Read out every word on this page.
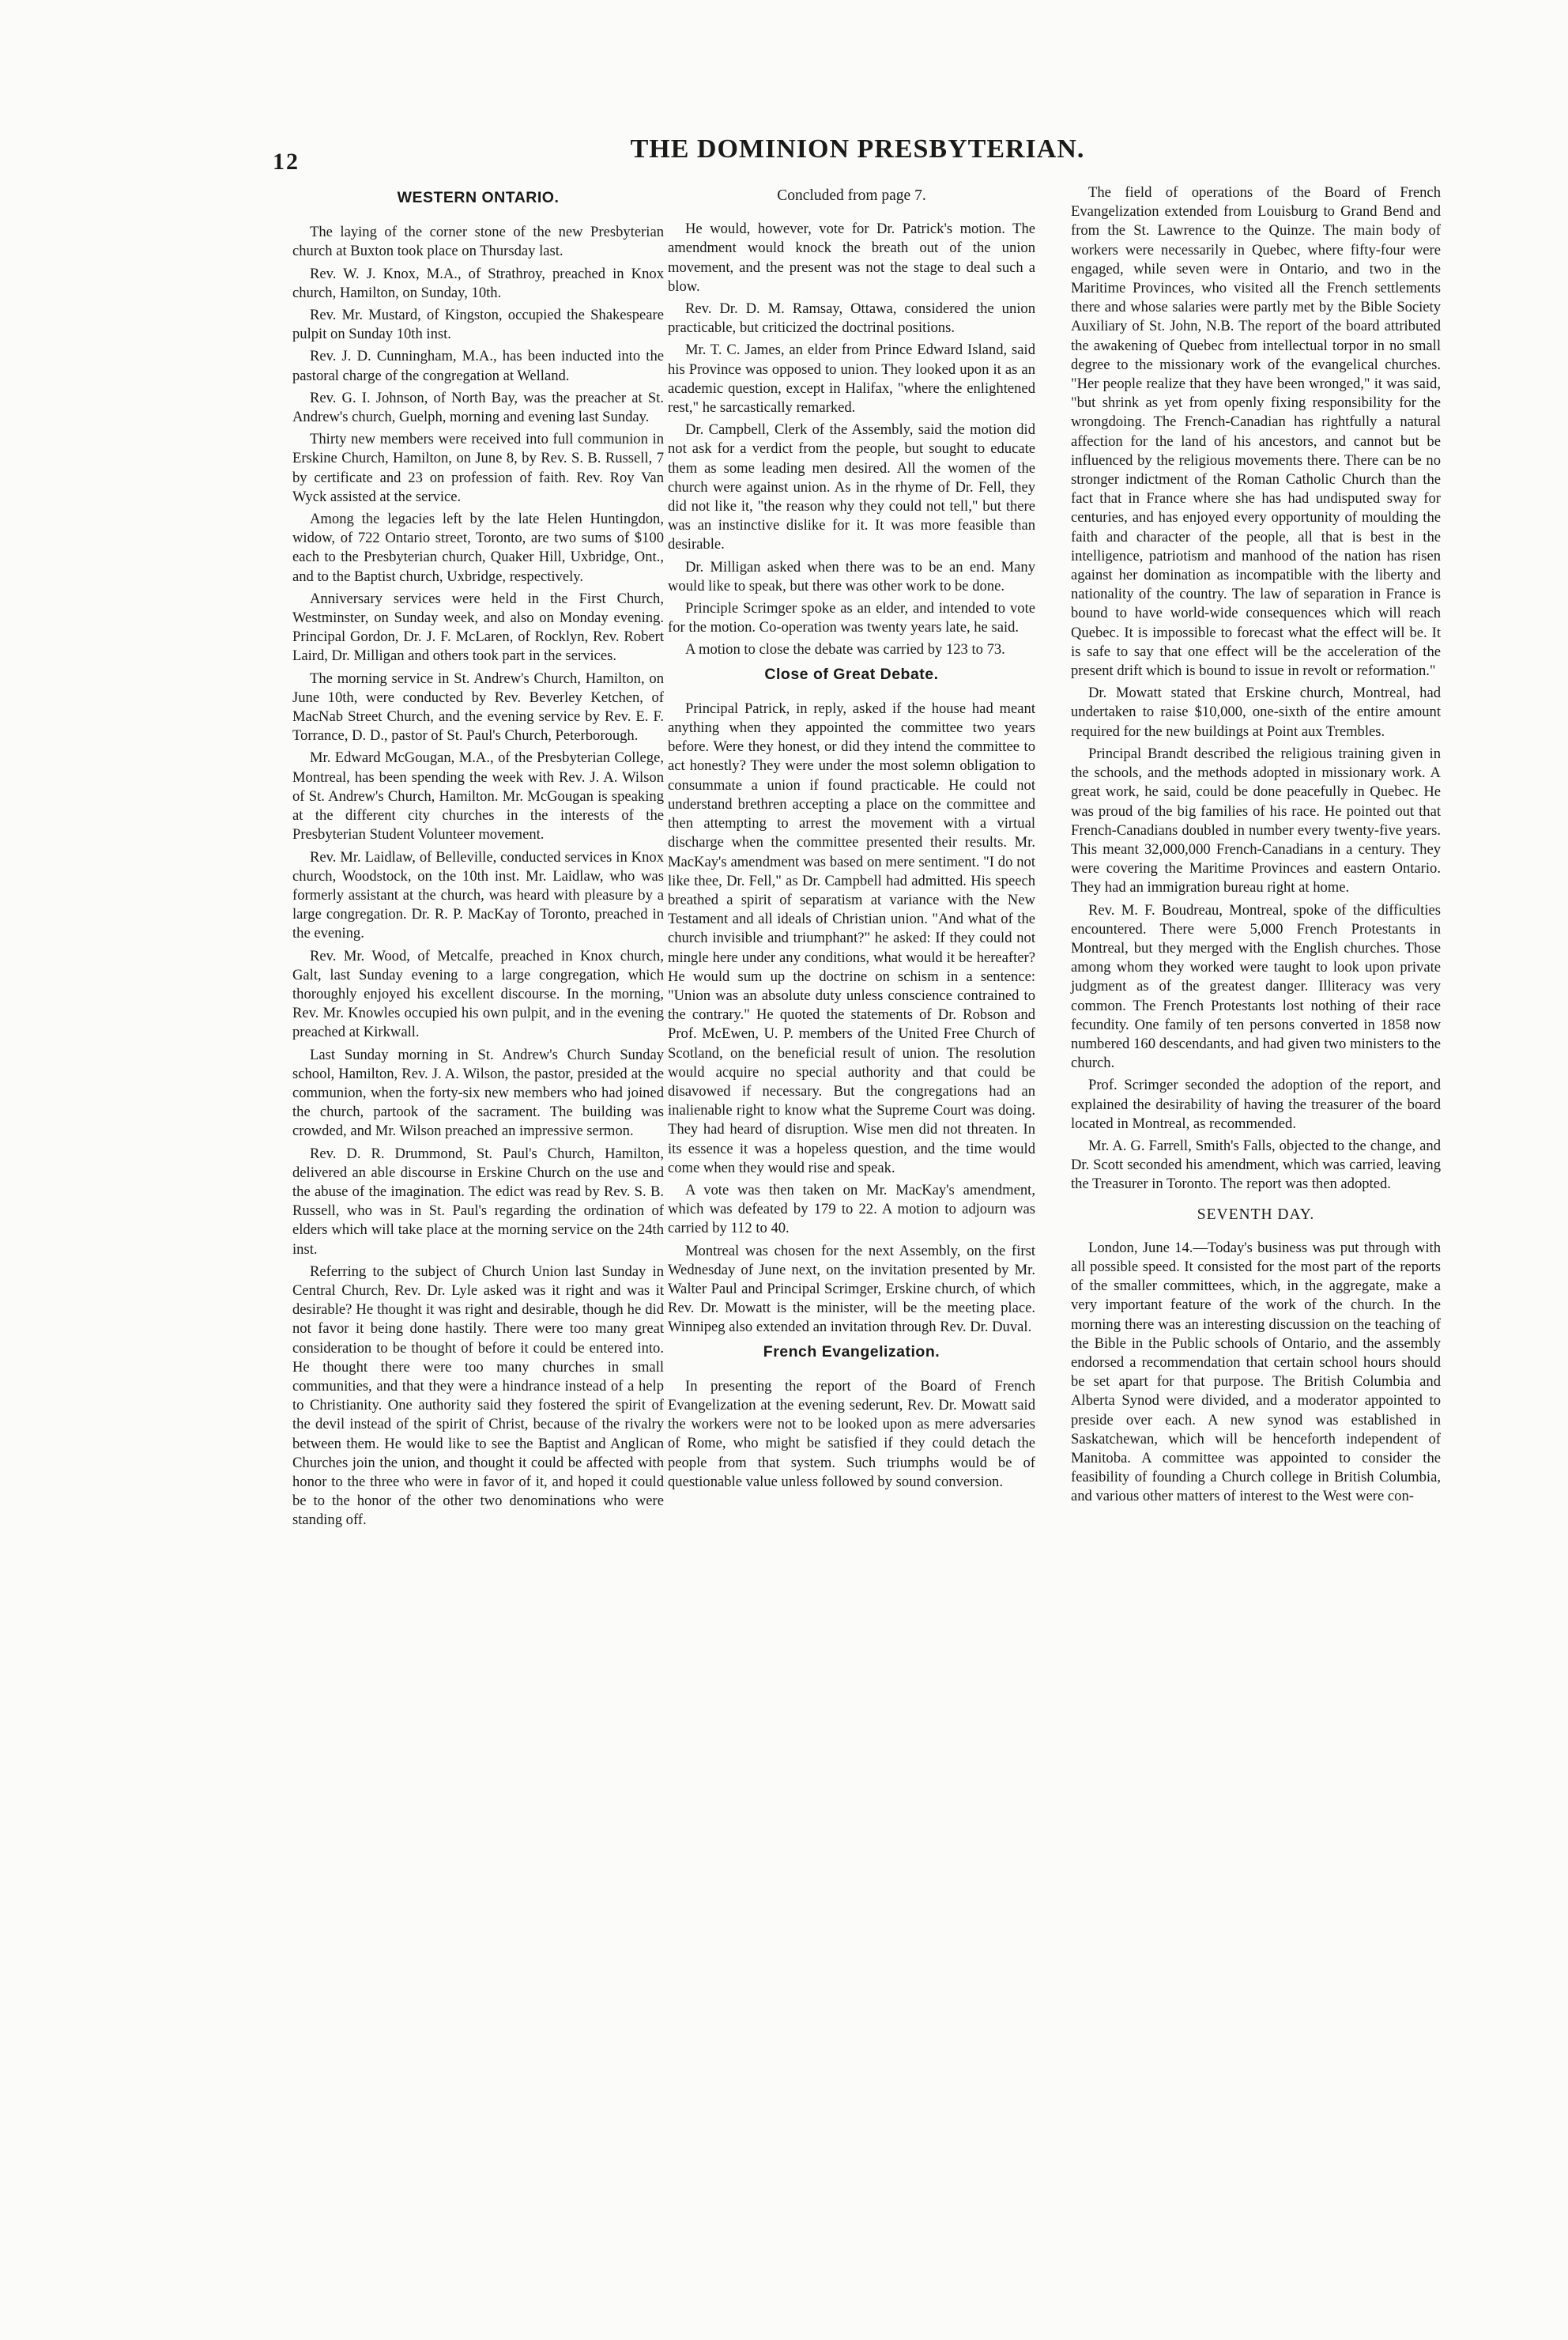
12	THE DOMINION PRESBYTERIAN.
WESTERN ONTARIO.

The laying of the corner stone of the new Presbyterian church at Buxton took place on Thursday last.

Rev. W. J. Knox, M.A., of Strathroy, preached in Knox church, Hamilton, on Sunday, 10th.

Rev. Mr. Mustard, of Kingston, occupied the Shakespeare pulpit on Sunday 10th inst.

Rev. J. D. Cunningham, M.A., has been inducted into the pastoral charge of the congregation at Welland.

Rev. G. I. Johnson, of North Bay, was the preacher at St. Andrew's church, Guelph, morning and evening last Sunday.

Thirty new members were received into full communion in Erskine Church, Hamilton, on June 8, by Rev. S. B. Russell, 7 by certificate and 23 on profession of faith. Rev. Roy Van Wyck assisted at the service.

Among the legacies left by the late Helen Huntingdon, widow, of 722 Ontario street, Toronto, are two sums of $100 each to the Presbyterian church, Quaker Hill, Uxbridge, Ont., and to the Baptist church, Uxbridge, respectively.

Anniversary services were held in the First Church, Westminster, on Sunday week, and also on Monday evening. Principal Gordon, Dr. J. F. McLaren, of Rocklyn, Rev. Robert Laird, Dr. Milligan and others took part in the services.

The morning service in St. Andrew's Church, Hamilton, on June 10th, were conducted by Rev. Beverley Ketchen, of MacNab Street Church, and the evening service by Rev. E. F. Torrance, D. D., pastor of St. Paul's Church, Peterborough.

Mr. Edward McGougan, M.A., of the Presbyterian College, Montreal, has been spending the week with Rev. J. A. Wilson of St. Andrew's Church, Hamilton. Mr. McGougan is speaking at the different city churches in the interests of the Presbyterian Student Volunteer movement.

Rev. Mr. Laidlaw, of Belleville, conducted services in Knox church, Woodstock, on the 10th inst. Mr. Laidlaw, who was formerly assistant at the church, was heard with pleasure by a large congregation. Dr. R. P. MacKay of Toronto, preached in the evening.

Rev. Mr. Wood, of Metcalfe, preached in Knox church, Galt, last Sunday evening to a large congregation, which thoroughly enjoyed his excellent discourse. In the morning, Rev. Mr. Knowles occupied his own pulpit, and in the evening preached at Kirkwall.

Last Sunday morning in St. Andrew's Church Sunday school, Hamilton, Rev. J. A. Wilson, the pastor, presided at the communion, when the forty-six new members who had joined the church, partook of the sacrament. The building was crowded, and Mr. Wilson preached an impressive sermon.

Rev. D. R. Drummond, St. Paul's Church, Hamilton, delivered an able discourse in Erskine Church on the use and the abuse of the imagination. The edict was read by Rev. S. B. Russell, who was in St. Paul's regarding the ordination of elders which will take place at the morning service on the 24th inst.

Referring to the subject of Church Union last Sunday in Central Church, Rev. Dr. Lyle asked was it right and was it desirable? He thought it was right and desirable, though he did not favor it being done hastily. There were too many great consideration to be thought of before it could be entered into. He thought there were too many churches in small communities, and that they were a hindrance instead of a help to Christianity. One authority said they fostered the spirit of the devil instead of the spirit of Christ, because of the rivalry between them. He would like to see the Baptist and Anglican Churches join the union, and thought it could be affected with honor to the three who were in favor of it, and hoped it could be to the honor of the other two denominations who were standing off.

Concluded from page 7.

He would, however, vote for Dr. Patrick's motion. The amendment would knock the breath out of the union movement, and the present was not the stage to deal such a blow.

Rev. Dr. D. M. Ramsay, Ottawa, considered the union practicable, but criticized the doctrinal positions.

Mr. T. C. James, an elder from Prince Edward Island, said his Province was opposed to union. They looked upon it as an academic question, except in Halifax, "where the enlightened rest," he sarcastically remarked.

Dr. Campbell, Clerk of the Assembly, said the motion did not ask for a verdict from the people, but sought to educate them as some leading men desired. All the women of the church were against union. As in the rhyme of Dr. Fell, they did not like it, "the reason why they could not tell," but there was an instinctive dislike for it. It was more feasible than desirable.

Dr. Milligan asked when there was to be an end. Many would like to speak, but there was other work to be done.

Principle Scrimger spoke as an elder, and intended to vote for the motion. Co-operation was twenty years late, he said.

A motion to close the debate was carried by 123 to 73.

Close of Great Debate.

Principal Patrick, in reply, asked if the house had meant anything when they appointed the committee two years before. Were they honest, or did they intend the committee to act honestly? They were under the most solemn obligation to consummate a union if found practicable. He could not understand brethren accepting a place on the committee and then attempting to arrest the movement with a virtual discharge when the committee presented their results. Mr. MacKay's amendment was based on mere sentiment. "I do not like thee, Dr. Fell," as Dr. Campbell had admitted. His speech breathed a spirit of separatism at variance with the New Testament and all ideals of Christian union. "And what of the church invisible and triumphant?" he asked: If they could not mingle here under any conditions, what would it be hereafter? He would sum up the doctrine on schism in a sentence: "Union was an absolute duty unless conscience contrained to the contrary." He quoted the statements of Dr. Robson and Prof. McEwen, U. P. members of the United Free Church of Scotland, on the beneficial result of union. The resolution would acquire no special authority and that could be disavowed if necessary. But the congregations had an inalienable right to know what the Supreme Court was doing. They had heard of disruption. Wise men did not threaten. In its essence it was a hopeless question, and the time would come when they would rise and speak.

A vote was then taken on Mr. MacKay's amendment, which was defeated by 179 to 22. A motion to adjourn was carried by 112 to 40.

Montreal was chosen for the next Assembly, on the first Wednesday of June next, on the invitation presented by Mr. Walter Paul and Principal Scrimger, Erskine church, of which Rev. Dr. Mowatt is the minister, will be the meeting place. Winnipeg also extended an invitation through Rev. Dr. Duval.

French Evangelization.

In presenting the report of the Board of French Evangelization at the evening sederunt, Rev. Dr. Mowatt said the workers were not to be looked upon as mere adversaries of Rome, who might be satisfied if they could detach the people from that system. Such triumphs would be of questionable value unless followed by sound conversion.

The field of operations of the Board of French Evangelization extended from Louisburg to Grand Bend and from the St. Lawrence to the Quinze. The main body of workers were necessarily in Quebec, where fifty-four were engaged, while seven were in Ontario, and two in the Maritime Provinces, who visited all the French settlements there and whose salaries were partly met by the Bible Society Auxiliary of St. John, N.B. The report of the board attributed the awakening of Quebec from intellectual torpor in no small degree to the missionary work of the evangelical churches. "Her people realize that they have been wronged," it was said, "but shrink as yet from openly fixing responsibility for the wrongdoing. The French-Canadian has rightfully a natural affection for the land of his ancestors, and cannot but be influenced by the religious movements there. There can be no stronger indictment of the Roman Catholic Church than the fact that in France where she has had undisputed sway for centuries, and has enjoyed every opportunity of moulding the faith and character of the people, all that is best in the intelligence, patriotism and manhood of the nation has risen against her domination as incompatible with the liberty and nationality of the country. The law of separation in France is bound to have world-wide consequences which will reach Quebec. It is impossible to forecast what the effect will be. It is safe to say that one effect will be the acceleration of the present drift which is bound to issue in revolt or reformation."

Dr. Mowatt stated that Erskine church, Montreal, had undertaken to raise $10,000, one-sixth of the entire amount required for the new buildings at Point aux Trembles.

Principal Brandt described the religious training given in the schools, and the methods adopted in missionary work. A great work, he said, could be done peacefully in Quebec. He was proud of the big families of his race. He pointed out that French-Canadians doubled in number every twenty-five years. This meant 32,000,000 French-Canadians in a century. They were covering the Maritime Provinces and eastern Ontario. They had an immigration bureau right at home.

Rev. M. F. Boudreau, Montreal, spoke of the difficulties encountered. There were 5,000 French Protestants in Montreal, but they merged with the English churches. Those among whom they worked were taught to look upon private judgment as of the greatest danger. Illiteracy was very common. The French Protestants lost nothing of their race fecundity. One family of ten persons converted in 1858 now numbered 160 descendants, and had given two ministers to the church.

Prof. Scrimger seconded the adoption of the report, and explained the desirability of having the treasurer of the board located in Montreal, as recommended.

Mr. A. G. Farrell, Smith's Falls, objected to the change, and Dr. Scott seconded his amendment, which was carried, leaving the Treasurer in Toronto. The report was then adopted.

SEVENTH DAY.

London, June 14.—Today's business was put through with all possible speed. It consisted for the most part of the reports of the smaller committees, which, in the aggregate, make a very important feature of the work of the church. In the morning there was an interesting discussion on the teaching of the Bible in the Public schools of Ontario, and the assembly endorsed a recommendation that certain school hours should be set apart for that purpose. The British Columbia and Alberta Synod were divided, and a moderator appointed to preside over each. A new synod was established in Saskatchewan, which will be henceforth independent of Manitoba. A committee was appointed to consider the feasibility of founding a Church college in British Columbia, and various other matters of interest to the West were con-
